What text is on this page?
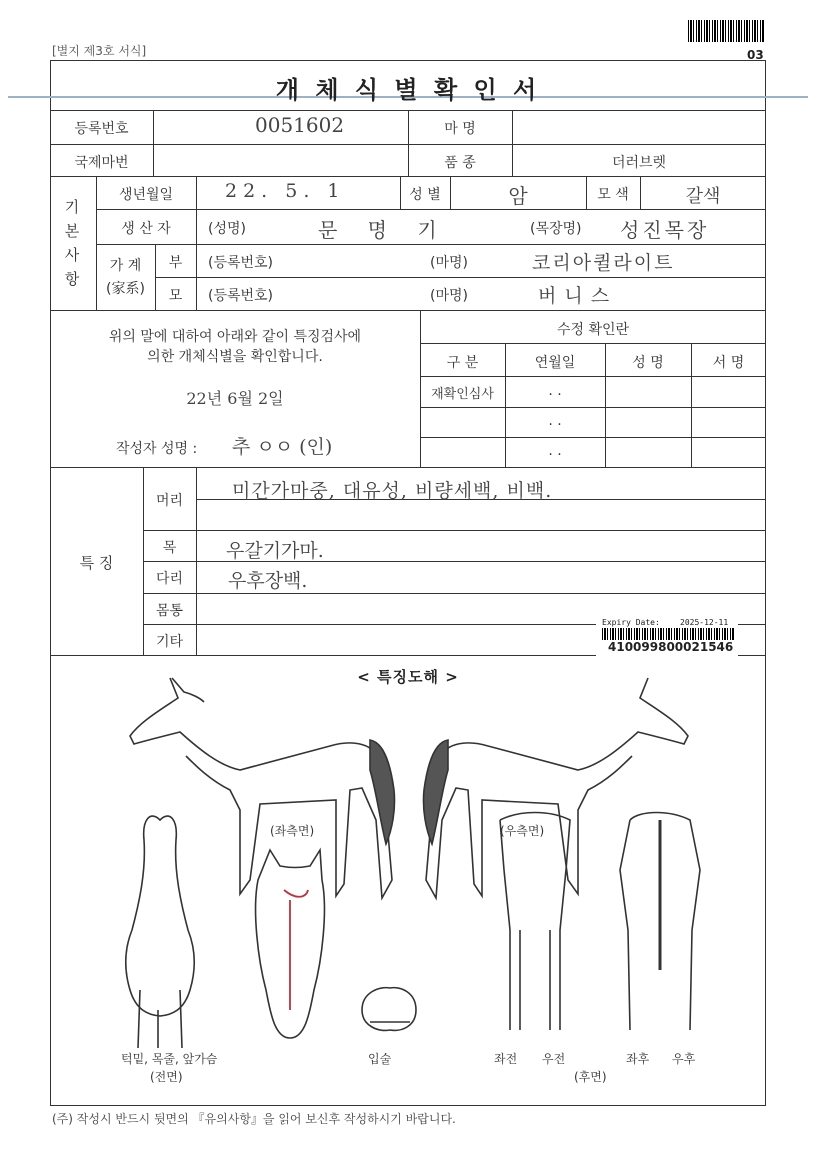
03
[별지 제3호 서식]
개 체 식 별 확 인 서
등록번호	0051602	마 명
국제마번	품 종	더러브렛
기 본 사 항
생년월일	22. 5. 1	성 별	암	모 색	갈색
생 산 자	(성명)	문 명 기	(목장명) 성진목장
가 계
(家系)
부	(등록번호)	(마명)	코리아퀼라이트
모	(등록번호)	(마명)	버니스
위의 말에 대하여 아래와 같이 특징검사에
의한 개체식별을 확인합니다.
22년 6월 2일
작성자 성명 : 추 ㅇㅇ (인)
수정 확인란
구 분	연월일	성 명	서 명
재확인심사	. .
. .
. .
특 징
머리	미간가마중, 대유성, 비량세백, 비백.
목	우갈기가마.
다리	우후장백.
몸통
기타
Expiry Date:	2025-12-11
410099800021546
< 특징도해 >
(좌측면)	(우측면)
턱밑, 목줄, 앞가슴
(전면)
입술	좌전 우전	좌후 우후
(후면)
(주) 작성시 반드시 뒷면의 『유의사항』을 읽어 보신후 작성하시기 바랍니다.
